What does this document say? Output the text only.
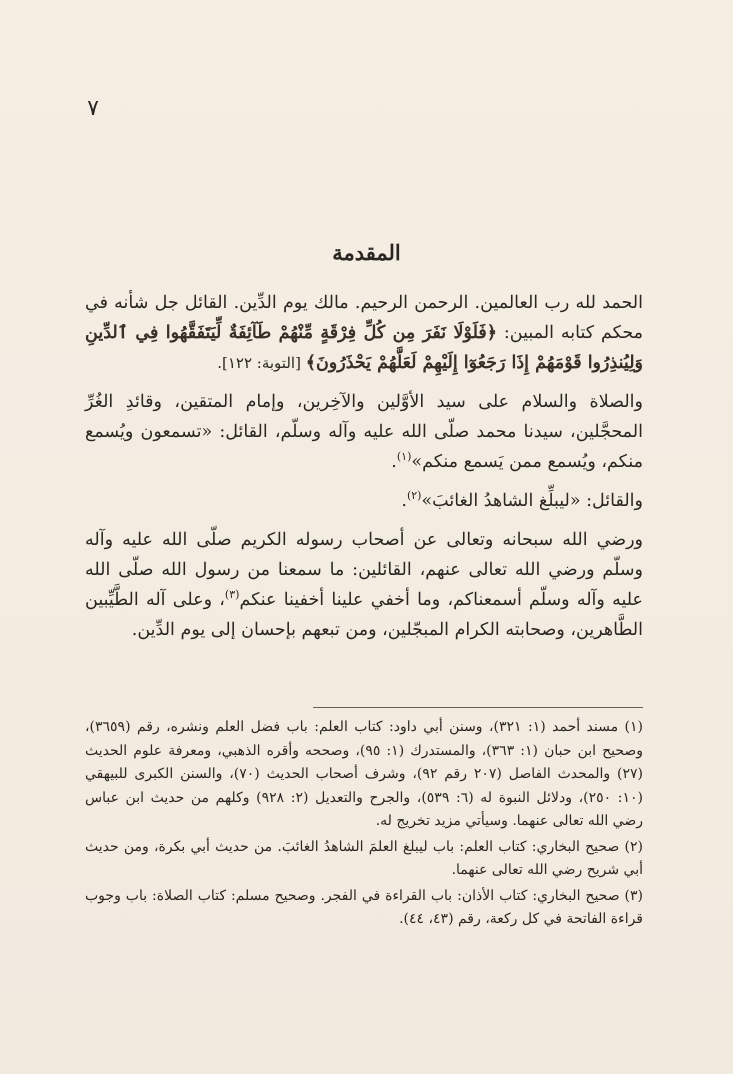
٧
المقدمة

الحمد لله رب العالمين. الرحمن الرحيم. مالك يوم الدِّين. القائل جل شأنه في محكم كتابه المبين: ﴿فَلَوْلَا نَفَرَ مِن كُلِّ فِرْقَةٍ مِّنْهُمْ طَآئِفَةٌ لِّيَتَفَقَّهُوا فِي ٱلدِّينِ وَلِيُنذِرُوا قَوْمَهُمْ إِذَا رَجَعُوٓا إِلَيْهِمْ لَعَلَّهُمْ يَحْذَرُونَ﴾ [التوبة: ١٢٢].

والصلاة والسلام على سيد الأوَّلين والآخِرين، وإمام المتقين، وقائدِ الغُرِّ المحجَّلين، سيدنا محمد صلّى الله عليه وآله وسلّم، القائل: «تسمعون ويُسمع منكم، ويُسمع ممن يَسمع منكم»$^{(١)}$.

والقائل: «ليبلِّغ الشاهدُ الغائبَ»$^{(٢)}$.

ورضي الله سبحانه وتعالى عن أصحاب رسوله الكريم صلّى الله عليه وآله وسلّم ورضي الله تعالى عنهم، القائلين: ما سمعنا من رسول الله صلّى الله عليه وآله وسلّم أسمعناكم، وما أخفي علينا أخفينا عنكم$^{(٣)}$، وعلى آله الطَّيِّبين الطَّاهرين، وصحابته الكرام المبجّلين، ومن تبعهم بإحسان إلى يوم الدِّين.

(١) مسند أحمد (١: ٣٢١)، وسنن أبي داود: كتاب العلم: باب فضل العلم ونشره، رقم (٣٦٥٩)، وصحيح ابن حبان (١: ٣٦٣)، والمستدرك (١: ٩٥)، وصححه وأقره الذهبي، ومعرفة علوم الحديث (٢٧) والمحدث الفاصل (٢٠٧ رقم ٩٢)، وشرف أصحاب الحديث (٧٠)، والسنن الكبرى للبيهقي (١٠: ٢٥٠)، ودلائل النبوة له (٦: ٥٣٩)، والجرح والتعديل (٢: ٩٢٨) وكلهم من حديث ابن عباس رضي الله تعالى عنهما. وسيأتي مزيد تخريج له.

(٢) صحيح البخاري: كتاب العلم: باب ليبلغ العلمَ الشاهدُ الغائبَ. من حديث أبي بكرة، ومن حديث أبي شريح رضي الله تعالى عنهما.

(٣) صحيح البخاري: كتاب الأذان: باب القراءة في الفجر. وصحيح مسلم: كتاب الصلاة: باب وجوب قراءة الفاتحة في كل ركعة، رقم (٤٣، ٤٤).
